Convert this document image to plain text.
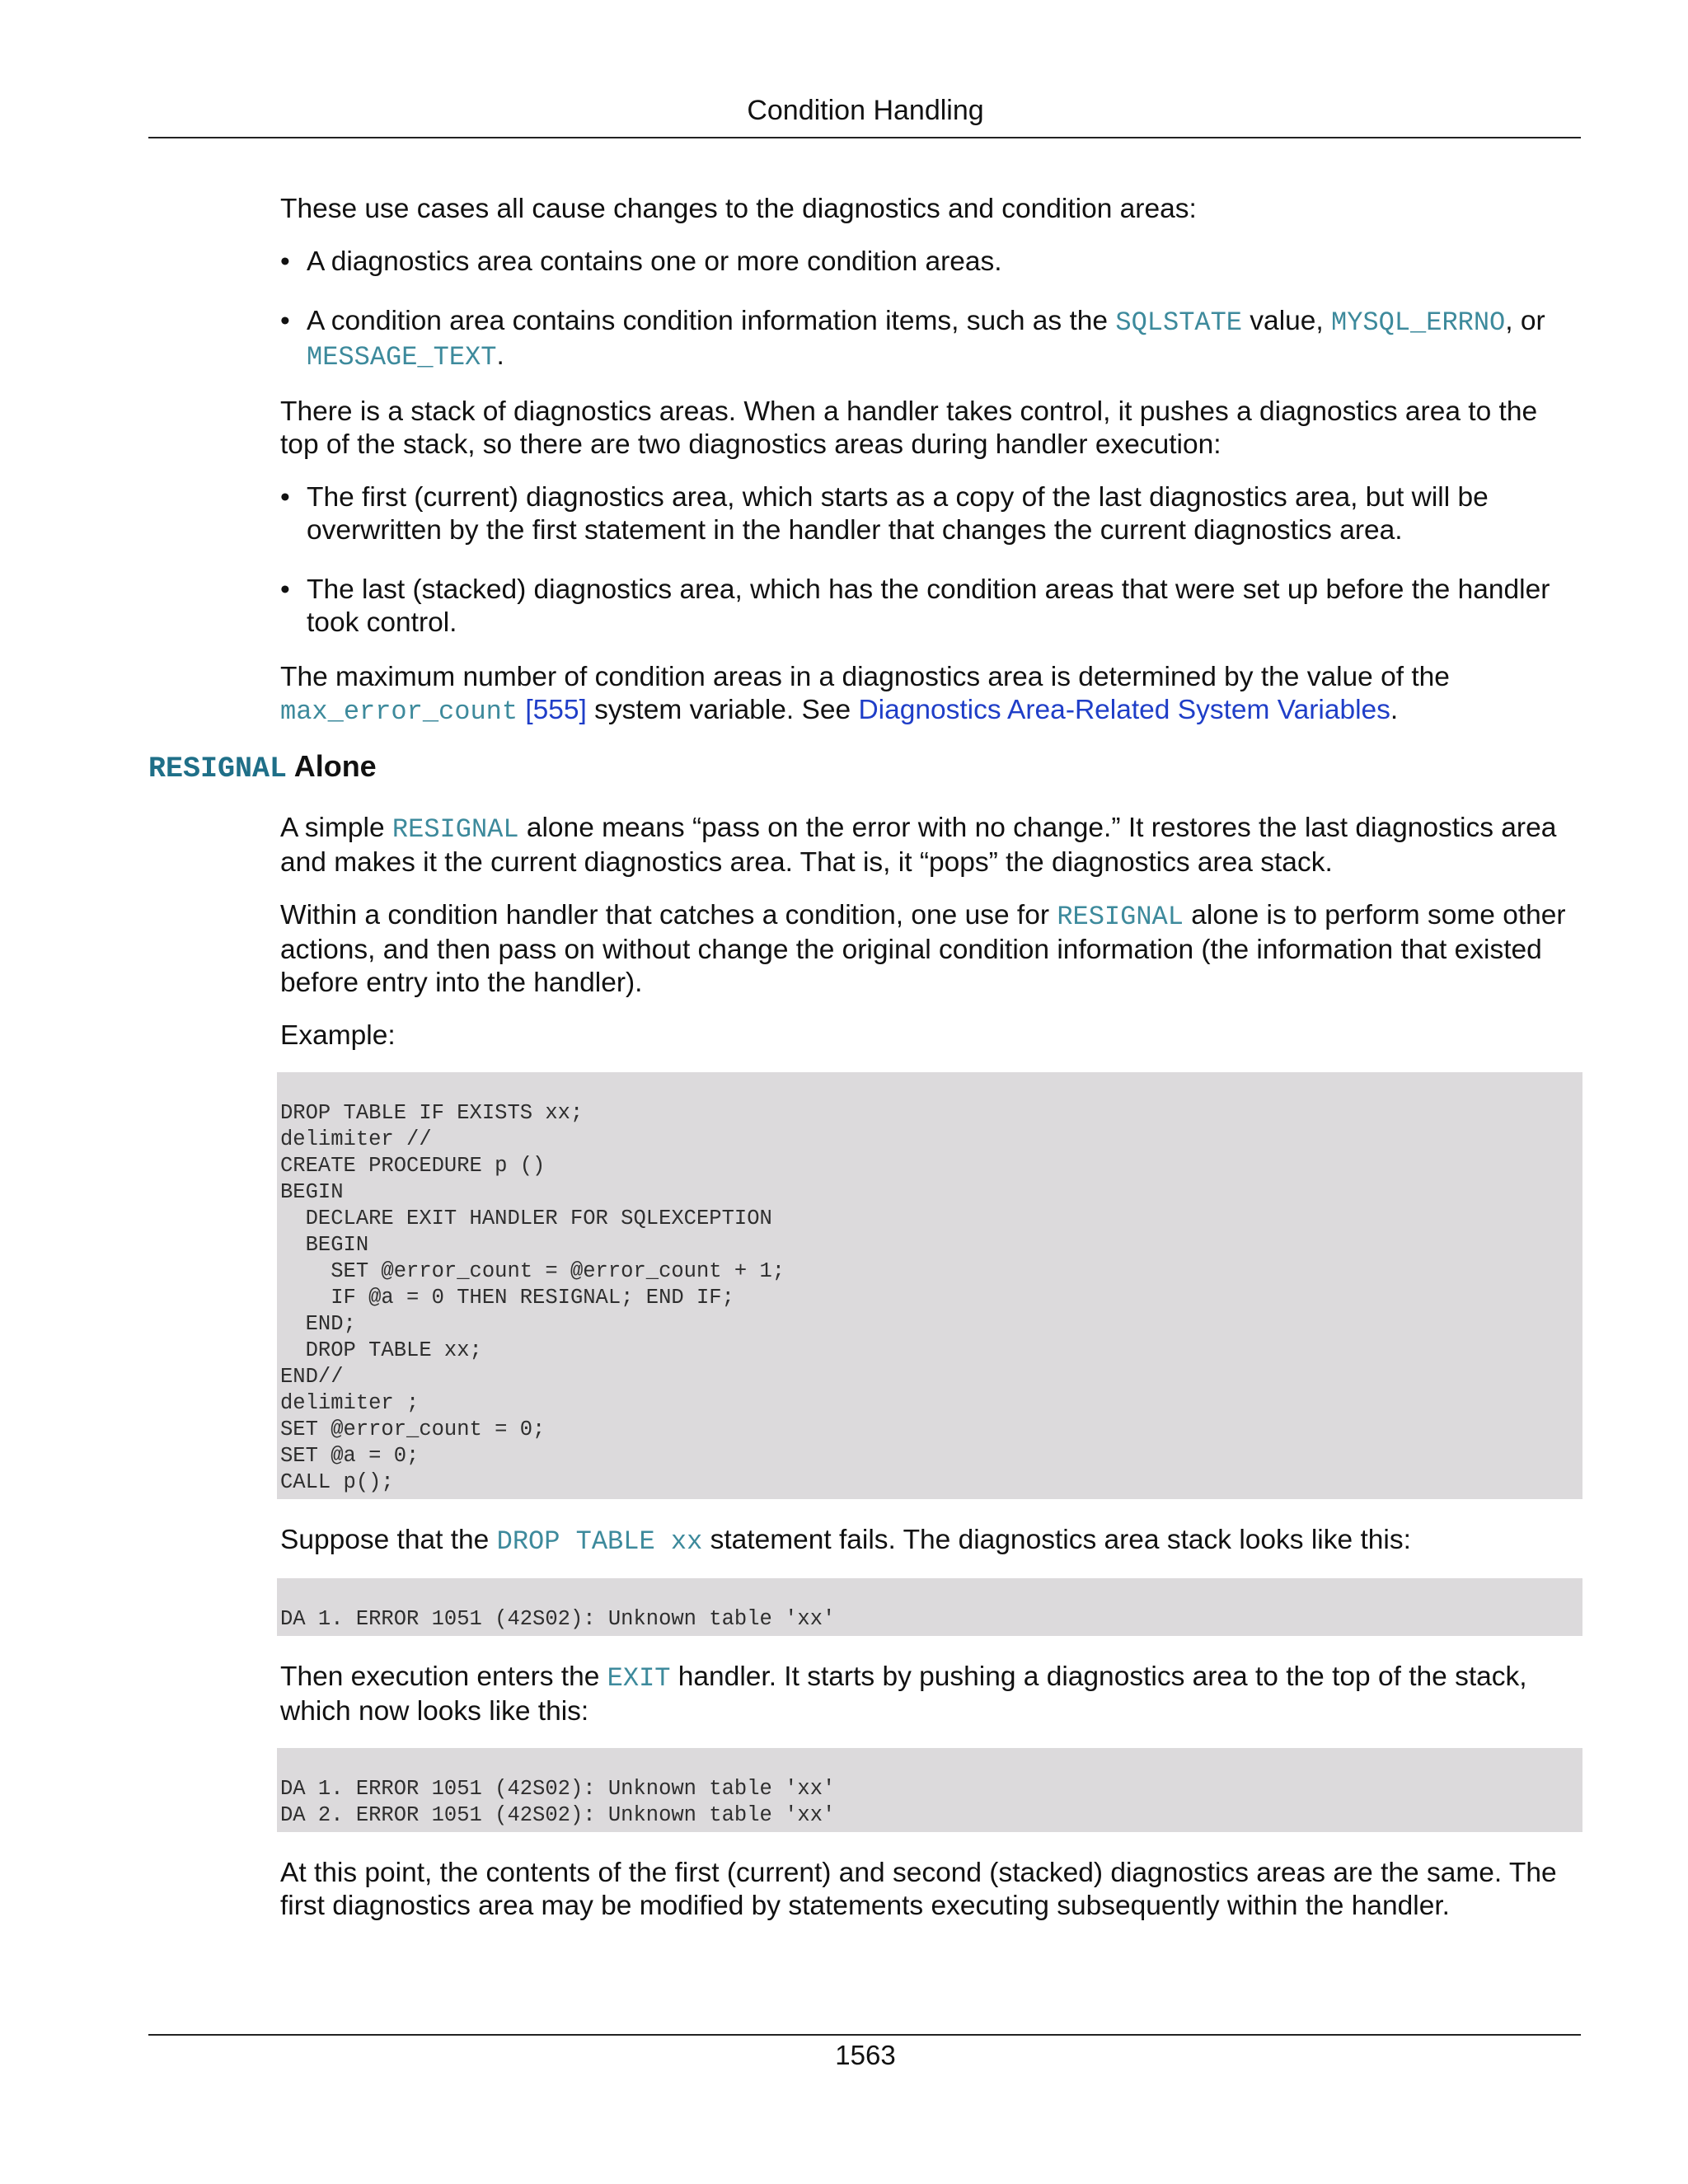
Condition Handling

These use cases all cause changes to the diagnostics and condition areas:

• A diagnostics area contains one or more condition areas.
• A condition area contains condition information items, such as the SQLSTATE value, MYSQL_ERRNO, or
MESSAGE_TEXT.

There is a stack of diagnostics areas. When a handler takes control, it pushes a diagnostics area to the top of the stack, so there are two diagnostics areas during handler execution:

• The first (current) diagnostics area, which starts as a copy of the last diagnostics area, but will be overwritten by the first statement in the handler that changes the current diagnostics area.
• The last (stacked) diagnostics area, which has the condition areas that were set up before the handler took control.

The maximum number of condition areas in a diagnostics area is determined by the value of the
max_error_count [555] system variable. See Diagnostics Area-Related System Variables.

RESIGNAL Alone

A simple RESIGNAL alone means “pass on the error with no change.” It restores the last diagnostics area and makes it the current diagnostics area. That is, it “pops” the diagnostics area stack.

Within a condition handler that catches a condition, one use for RESIGNAL alone is to perform some other actions, and then pass on without change the original condition information (the information that existed before entry into the handler).

Example:

DROP TABLE IF EXISTS xx;
delimiter //
CREATE PROCEDURE p ()
BEGIN
DECLARE EXIT HANDLER FOR SQLEXCEPTION
BEGIN
SET @error_count = @error_count + 1;
IF @a = 0 THEN RESIGNAL; END IF;
END;
DROP TABLE xx;
END//
delimiter ;
SET @error_count = 0;
SET @a = 0;
CALL p();

Suppose that the DROP TABLE xx statement fails. The diagnostics area stack looks like this:

DA 1. ERROR 1051 (42S02): Unknown table 'xx'

Then execution enters the EXIT handler. It starts by pushing a diagnostics area to the top of the stack, which now looks like this:

DA 1. ERROR 1051 (42S02): Unknown table 'xx'
DA 2. ERROR 1051 (42S02): Unknown table 'xx'

At this point, the contents of the first (current) and second (stacked) diagnostics areas are the same. The first diagnostics area may be modified by statements executing subsequently within the handler.

1563
